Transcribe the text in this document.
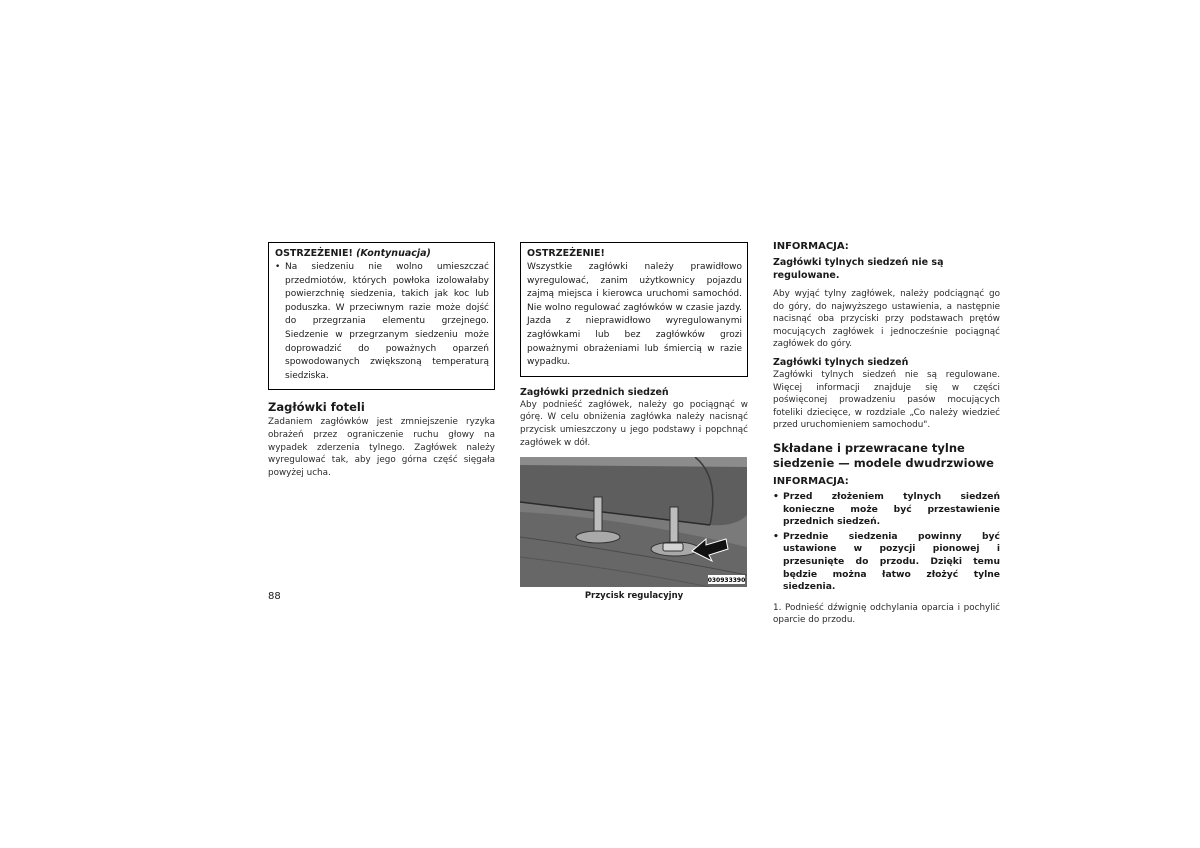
OSTRZEŻENIE! (Kontynuacja)
• Na siedzeniu nie wolno umieszczać przedmiotów, których powłoka izolowałaby powierzchnię siedzenia, takich jak koc lub poduszka. W przeciwnym razie może dojść do przegrzania elementu grzejnego. Siedzenie w przegrzanym siedzeniu może doprowadzić do poważnych oparzeń spowodowanych zwiększoną temperaturą siedziska.
Zagłówki foteli
Zadaniem zagłówków jest zmniejszenie ryzyka obrażeń przez ograniczenie ruchu głowy na wypadek zderzenia tylnego. Zagłówek należy wyregulować tak, aby jego górna część sięgała powyżej ucha.
OSTRZEŻENIE!
Wszystkie zagłówki należy prawidłowo wyregulować, zanim użytkownicy pojazdu zajmą miejsca i kierowca uruchomi samochód. Nie wolno regulować zagłówków w czasie jazdy. Jazda z nieprawidłowo wyregulowanymi zagłówkami lub bez zagłówków grozi poważnymi obrażeniami lub śmiercią w razie wypadku.
Zagłówki przednich siedzeń
Aby podnieść zagłówek, należy go pociągnąć w górę. W celu obniżenia zagłówka należy nacisnąć przycisk umieszczony u jego podstawy i popchnąć zagłówek w dół.
030933390
Przycisk regulacyjny
INFORMACJA:
Zagłówki tylnych siedzeń nie są regulowane.
Aby wyjąć tylny zagłówek, należy podciągnąć go do góry, do najwyższego ustawienia, a następnie nacisnąć oba przyciski przy podstawach prętów mocujących zagłówek i jednocześnie pociągnąć zagłówek do góry.
Zagłówki tylnych siedzeń
Zagłówki tylnych siedzeń nie są regulowane. Więcej informacji znajduje się w części poświęconej prowadzeniu pasów mocujących foteliki dziecięce, w rozdziale „Co należy wiedzieć przed uruchomieniem samochodu".
Składane i przewracane tylne siedzenie — modele dwudrzwiowe
INFORMACJA:
• Przed złożeniem tylnych siedzeń konieczne może być przestawienie przednich siedzeń.
• Przednie siedzenia powinny być ustawione w pozycji pionowej i przesunięte do przodu. Dzięki temu będzie można łatwo złożyć tylne siedzenia.
1. Podnieść dźwignię odchylania oparcia i pochylić oparcie do przodu.
88
